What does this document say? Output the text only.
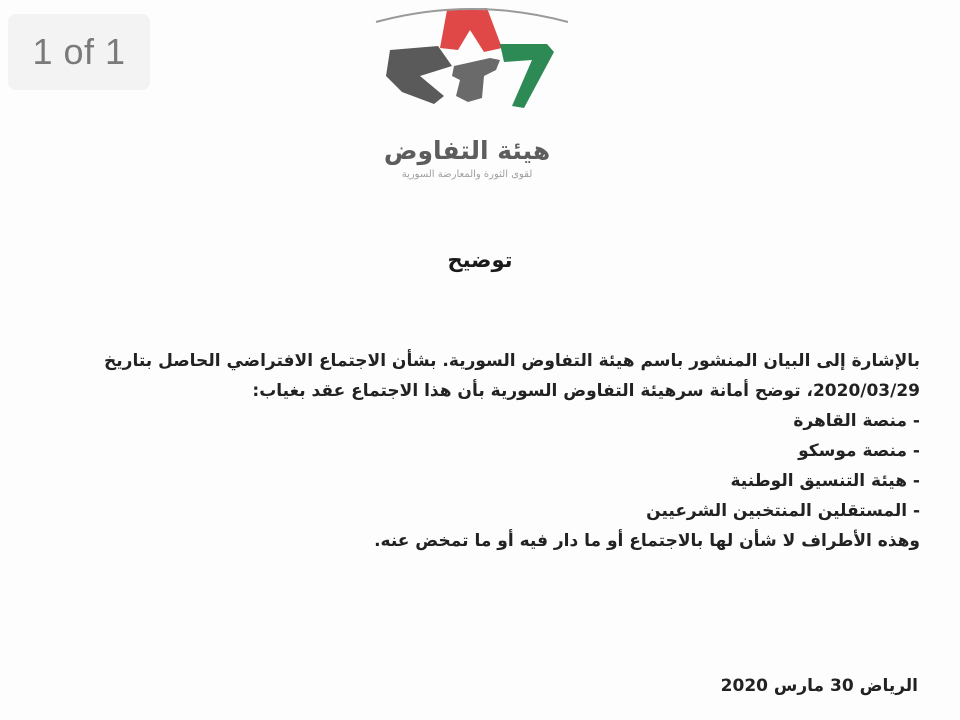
1 of 1
هيئة التفاوض
لقوى الثورة والمعارضة السورية
توضيح
بالإشارة إلى البيان المنشور باسم هيئة التفاوض السورية. بشأن الاجتماع الافتراضي الحاصل بتاريخ
2020/03/29، توضح أمانة سرهيئة التفاوض السورية بأن هذا الاجتماع عقد بغياب:
- منصة القاهرة
- منصة موسكو
- هيئة التنسيق الوطنية
- المستقلين المنتخبين الشرعيين
وهذه الأطراف لا شأن لها بالاجتماع أو ما دار فيه أو ما تمخض عنه.
الرياض 30 مارس 2020
